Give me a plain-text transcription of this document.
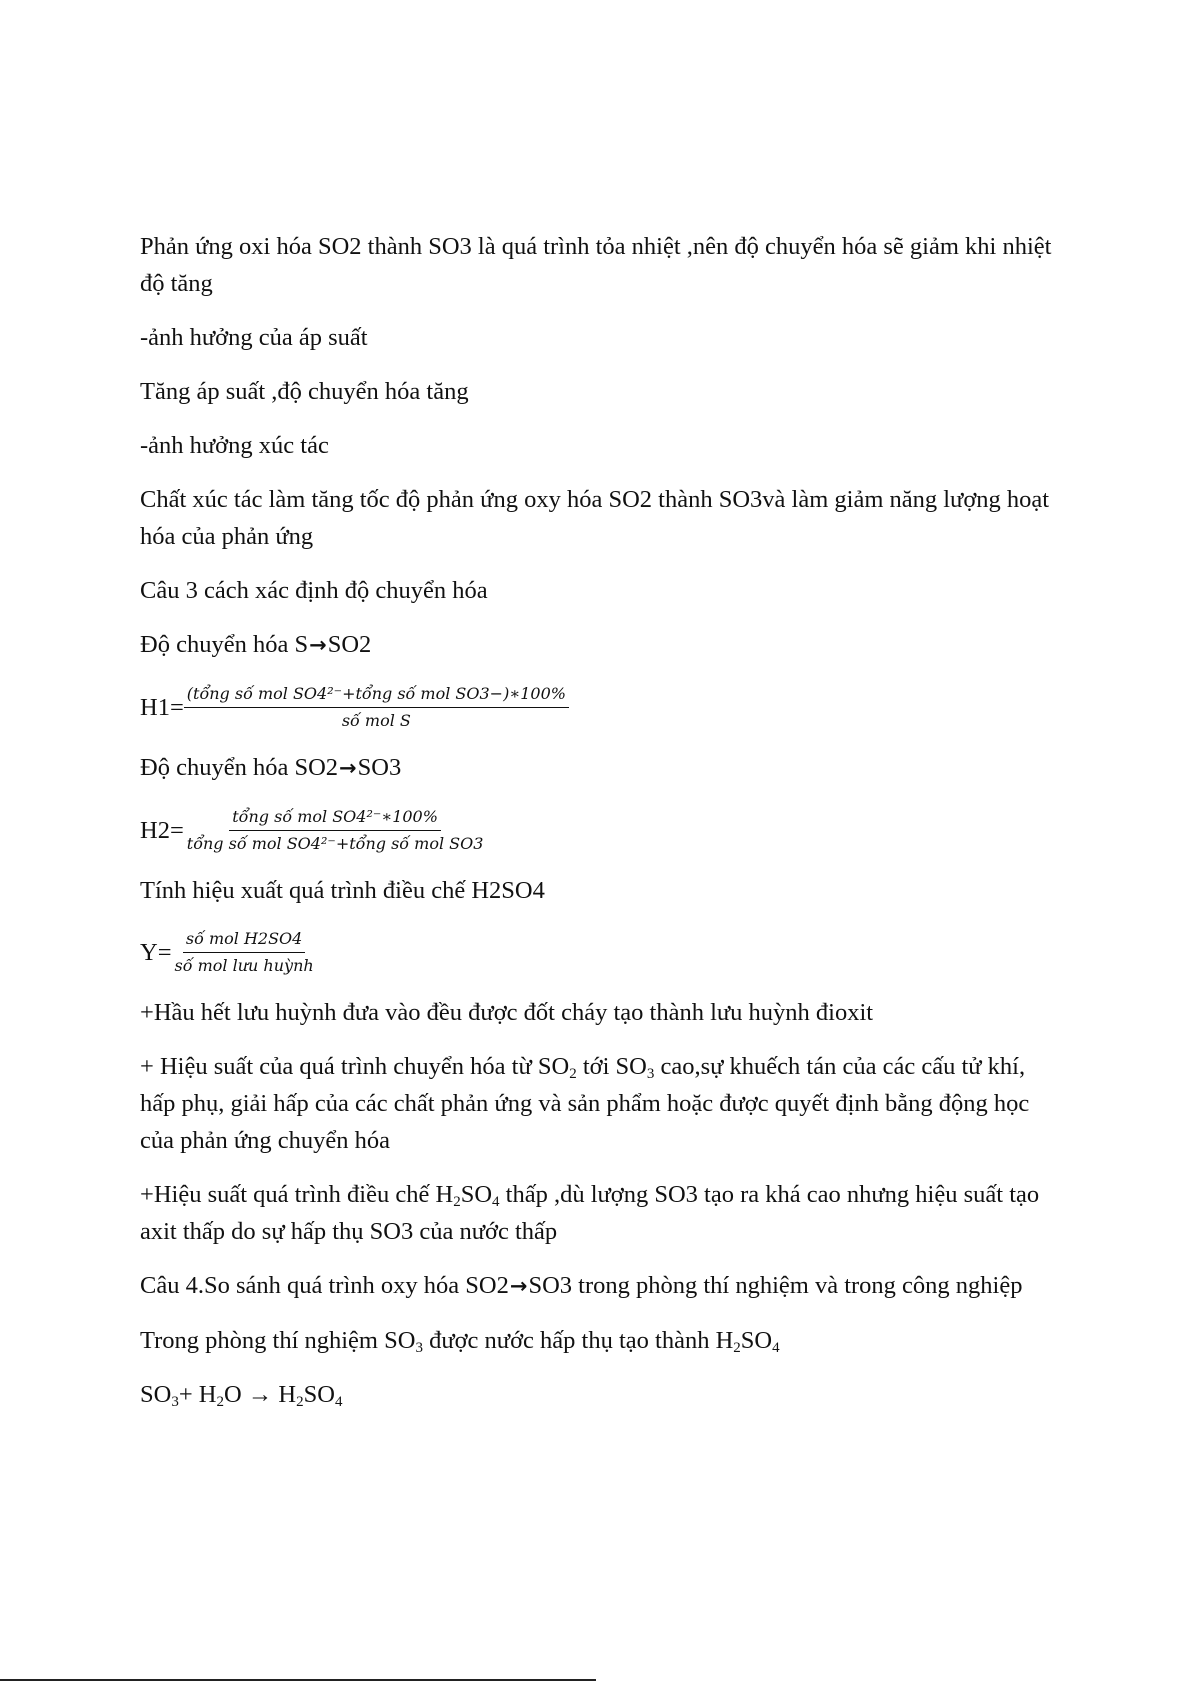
Phản ứng oxi hóa SO2 thành SO3 là quá trình tỏa nhiệt ,nên độ chuyển hóa sẽ giảm khi nhiệt độ tăng

-ảnh hưởng của áp suất

Tăng áp suất ,độ chuyển hóa tăng

-ảnh hưởng xúc tác

Chất xúc tác làm tăng tốc độ phản ứng oxy hóa SO2 thành SO3và làm giảm năng lượng hoạt hóa của phản ứng

Câu 3 cách xác định độ chuyển hóa

Độ chuyển hóa S→SO2

$H1= \frac{\text{(tổng số mol SO4²⁻+tổng số mol SO3−)∗100\%}}{\text{số mol S}}$

Độ chuyển hóa SO2→SO3

$H2= \frac{\text{tổng số mol SO4²⁻∗100\%}}{\text{tổng số mol SO4²⁻+tổng số mol SO3}}$

Tính hiệu xuất quá trình điều chế H2SO4

$Y= \frac{\text{số mol H2SO4}}{\text{số mol lưu huỳnh}}$

+Hầu hết lưu huỳnh đưa vào đều được đốt cháy tạo thành lưu huỳnh đioxit

+ Hiệu suất của quá trình chuyển hóa từ $SO_2$ tới $SO_3$ cao,sự khuếch tán của các cấu tử khí, hấp phụ, giải hấp của các chất phản ứng và sản phẩm hoặc được quyết định bằng động học của phản ứng chuyển hóa

+Hiệu suất quá trình điều chế $H_2SO_4$ thấp ,dù lượng SO3 tạo ra khá cao nhưng hiệu suất tạo axit thấp do sự hấp thụ SO3 của nước thấp

Câu 4.So sánh quá trình oxy hóa SO2→SO3 trong phòng thí nghiệm và trong công nghiệp

Trong phòng thí nghiệm $SO_3$ được nước hấp thụ tạo thành $H_2SO_4$

$SO_3+ H_2O \to H_2SO_4$
